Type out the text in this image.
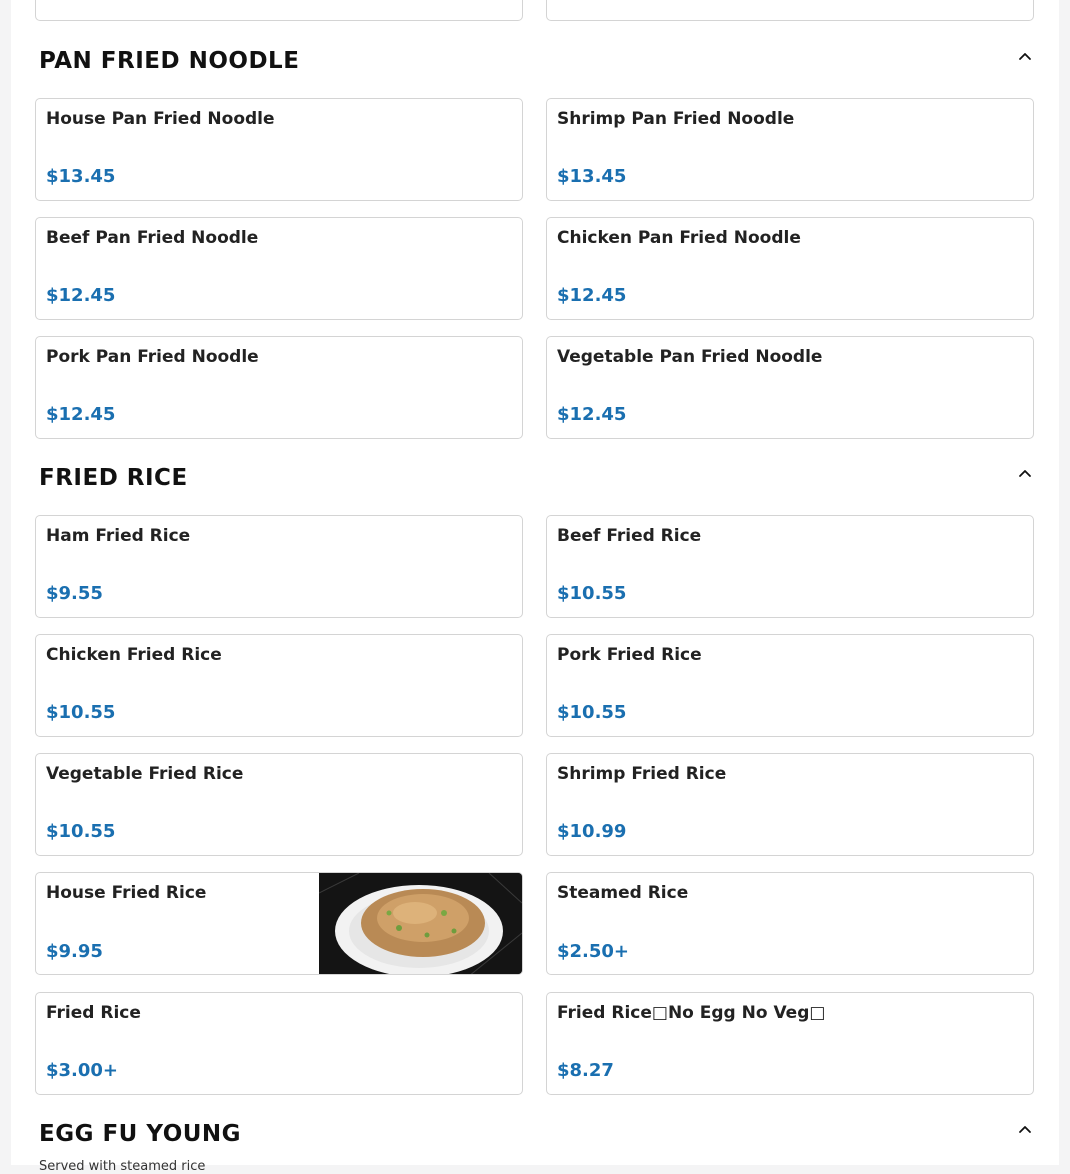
PAN FRIED NOODLE
House Pan Fried Noodle
$13.45
Shrimp Pan Fried Noodle
$13.45
Beef Pan Fried Noodle
$12.45
Chicken Pan Fried Noodle
$12.45
Pork Pan Fried Noodle
$12.45
Vegetable Pan Fried Noodle
$12.45
FRIED RICE
Ham Fried Rice
$9.55
Beef Fried Rice
$10.55
Chicken Fried Rice
$10.55
Pork Fried Rice
$10.55
Vegetable Fried Rice
$10.55
Shrimp Fried Rice
$10.99
House Fried Rice
$9.95
Steamed Rice
$2.50+
Fried Rice
$3.00+
Fried Rice□No Egg No Veg□
$8.27
EGG FU YOUNG
Served with steamed rice
